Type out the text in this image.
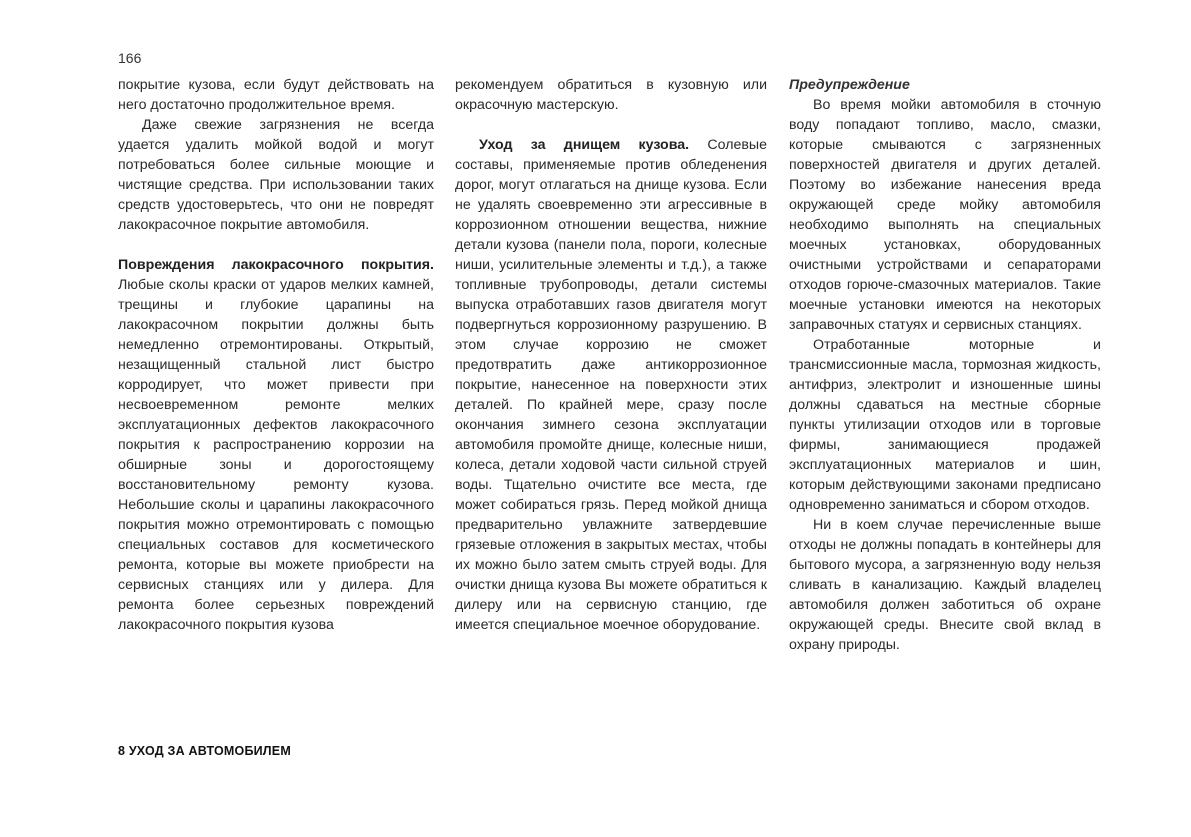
166

покрытие кузова, если будут действовать на него достаточно продолжительное время.

Даже свежие загрязнения не всегда удается удалить мойкой водой и могут потребоваться более сильные моющие и чистящие средства. При использовании таких средств удостоверьтесь, что они не повредят лакокрасочное покрытие автомобиля.

Повреждения лакокрасочного покрытия. Любые сколы краски от ударов мелких камней, трещины и глубокие царапины на лакокрасочном покрытии должны быть немедленно отремонтированы. Открытый, незащищенный стальной лист быстро корродирует, что может привести при несвоевременном ремонте мелких эксплуатационных дефектов лакокрасочного покрытия к распространению коррозии на обширные зоны и дорогостоящему восстановительному ремонту кузова. Небольшие сколы и царапины лакокрасочного покрытия можно отремонтировать с помощью специальных составов для косметического ремонта, которые вы можете приобрести на сервисных станциях или у дилера. Для ремонта более серьезных повреждений лакокрасочного покрытия кузова

рекомендуем обратиться в кузовную или окрасочную мастерскую.

Уход за днищем кузова. Солевые составы, применяемые против обледенения дорог, могут отлагаться на днище кузова. Если не удалять своевременно эти агрессивные в коррозионном отношении вещества, нижние детали кузова (панели пола, пороги, колесные ниши, усилительные элементы и т.д.), а также топливные трубопроводы, детали системы выпуска отработавших газов двигателя могут подвергнуться коррозионному разрушению. В этом случае коррозию не сможет предотвратить даже антикоррозионное покрытие, нанесенное на поверхности этих деталей. По крайней мере, сразу после окончания зимнего сезона эксплуатации автомобиля промойте днище, колесные ниши, колеса, детали ходовой части сильной струей воды. Тщательно очистите все места, где может собираться грязь. Перед мойкой днища предварительно увлажните затвердевшие грязевые отложения в закрытых местах, чтобы их можно было затем смыть струей воды. Для очистки днища кузова Вы можете обратиться к дилеру или на сервисную станцию, где имеется специальное моечное оборудование.

Предупреждение

Во время мойки автомобиля в сточную воду попадают топливо, масло, смазки, которые смываются с загрязненных поверхностей двигателя и других деталей. Поэтому во избежание нанесения вреда окружающей среде мойку автомобиля необходимо выполнять на специальных моечных установках, оборудованных очистными устройствами и сепараторами отходов горюче-смазочных материалов. Такие моечные установки имеются на некоторых заправочных статуях и сервисных станциях.

Отработанные моторные и трансмиссионные масла, тормозная жидкость, антифриз, электролит и изношенные шины должны сдаваться на местные сборные пункты утилизации отходов или в торговые фирмы, занимающиеся продажей эксплуатационных материалов и шин, которым действующими законами предписано одновременно заниматься и сбором отходов.

Ни в коем случае перечисленные выше отходы не должны попадать в контейнеры для бытового мусора, а загрязненную воду нельзя сливать в канализацию. Каждый владелец автомобиля должен заботиться об охране окружающей среды. Внесите свой вклад в охрану природы.

8 УХОД ЗА АВТОМОБИЛЕМ
